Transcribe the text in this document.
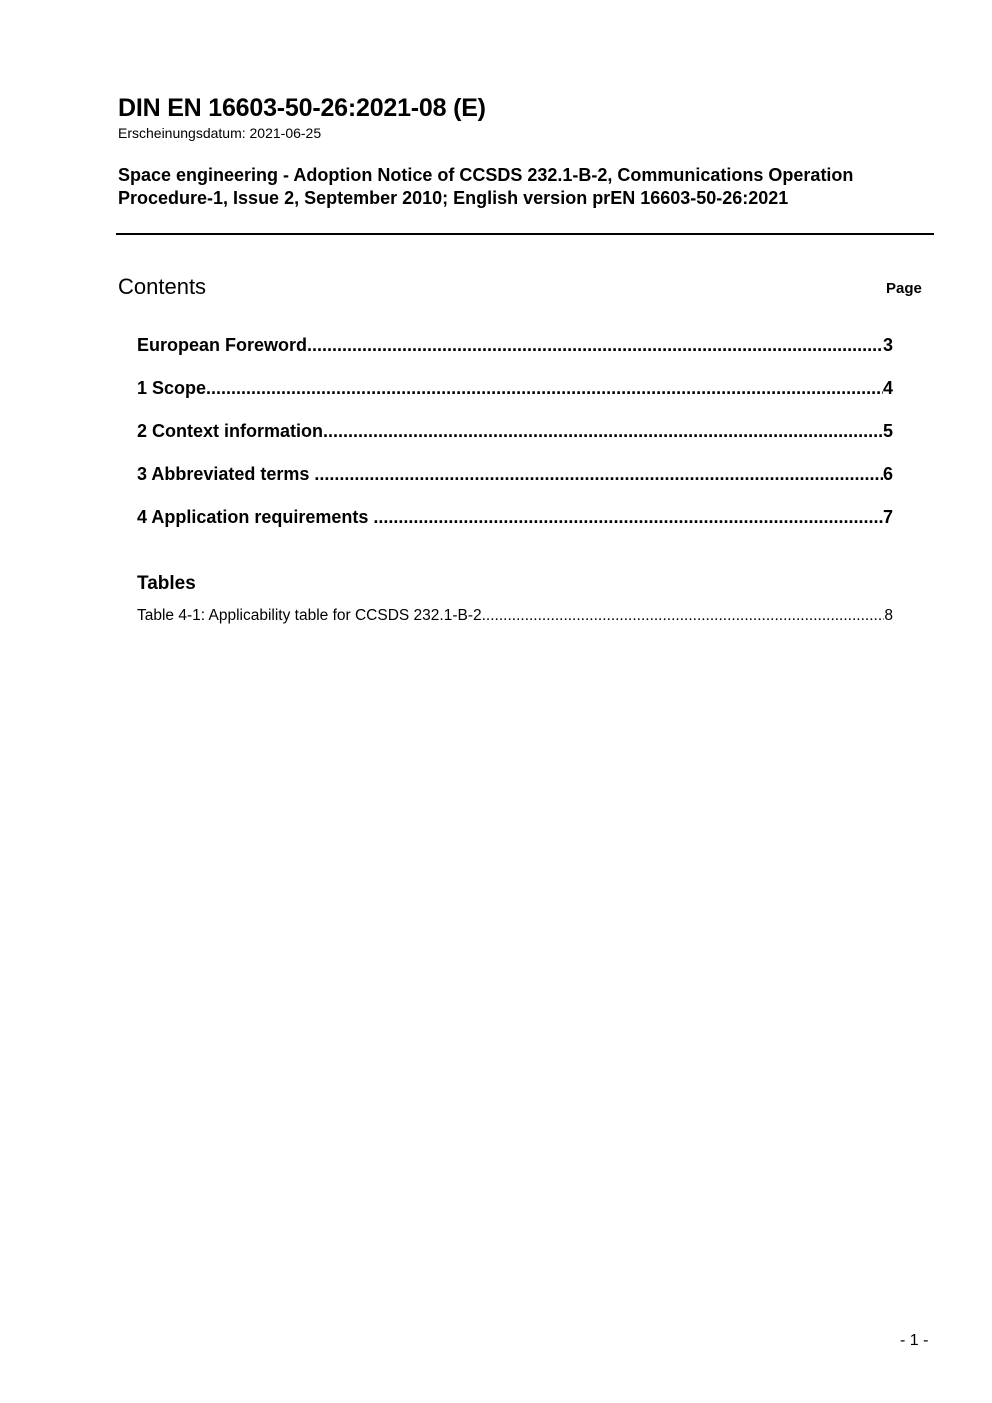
DIN EN 16603-50-26:2021-08 (E)
Erscheinungsdatum: 2021-06-25
Space engineering - Adoption Notice of CCSDS 232.1-B-2, Communications Operation Procedure-1, Issue 2, September 2010; English version prEN 16603-50-26:2021
Contents	Page
European Foreword .....	3
1 Scope .....	4
2 Context information .....	5
3 Abbreviated terms .....	6
4 Application requirements .....	7
Tables
Table 4-1: Applicability table for CCSDS 232.1-B-2 .....	8
- 1 -
